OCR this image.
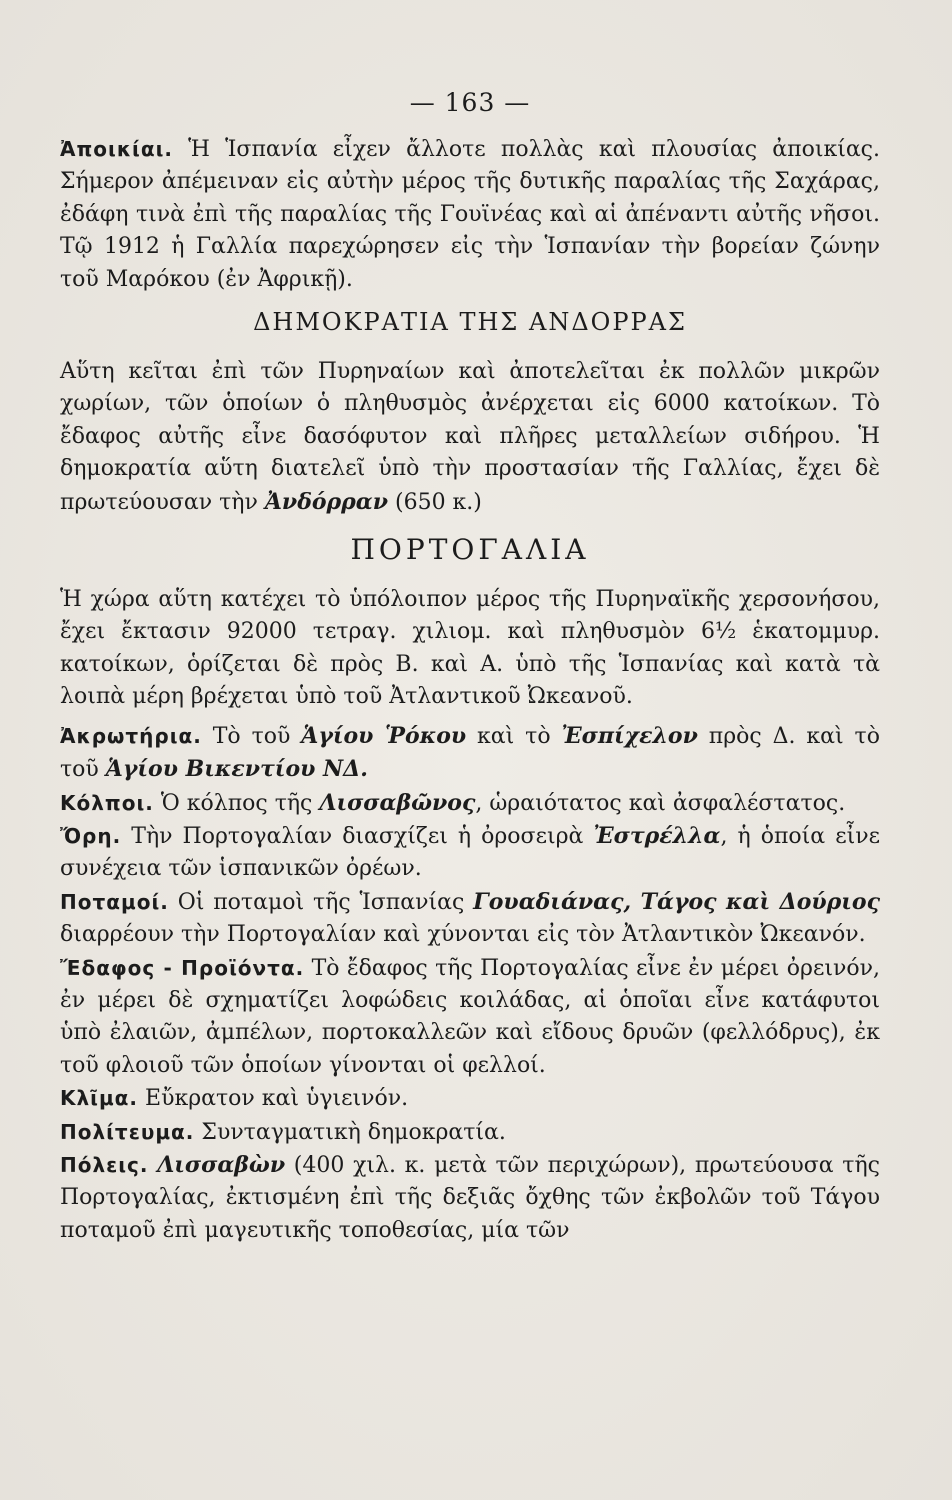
— 163 —

Ἀποικίαι. Ἡ Ἱσπανία εἶχεν ἄλλοτε πολλὰς καὶ πλουσίας ἀποικίας. Σήμερον ἀπέμειναν εἰς αὐτὴν μέρος τῆς δυτικῆς παραλίας τῆς Σαχάρας, ἐδάφη τινὰ ἐπὶ τῆς παραλίας τῆς Γουϊνέας καὶ αἱ ἀπέναντι αὐτῆς νῆσοι. Τῷ 1912 ἡ Γαλλία παρεχώρησεν εἰς τὴν Ἱσπανίαν τὴν βορείαν ζώνην τοῦ Μαρόκου (ἐν Ἀφρικῇ).

ΔΗΜΟΚΡΑΤΙΑ ΤΗΣ ΑΝΔΟΡΡΑΣ

Αὕτη κεῖται ἐπὶ τῶν Πυρηναίων καὶ ἀποτελεῖται ἐκ πολλῶν μικρῶν χωρίων, τῶν ὁποίων ὁ πληθυσμὸς ἀνέρχεται εἰς 6000 κατοίκων. Τὸ ἔδαφος αὐτῆς εἶνε δασόφυτον καὶ πλῆρες μεταλλείων σιδήρου. Ἡ δημοκρατία αὕτη διατελεῖ ὑπὸ τὴν προστασίαν τῆς Γαλλίας, ἔχει δὲ πρωτεύουσαν τὴν Ἀνδόρραν (650 κ.)

ΠΟΡΤΟΓΑΛΙΑ

Ἡ χώρα αὕτη κατέχει τὸ ὑπόλοιπον μέρος τῆς Πυρηναϊκῆς χερσονήσου, ἔχει ἔκτασιν 92000 τετραγ. χιλιομ. καὶ πληθυσμὸν 6½ ἑκατομμυρ. κατοίκων, ὁρίζεται δὲ πρὸς Β. καὶ Α. ὑπὸ τῆς Ἱσπανίας καὶ κατὰ τὰ λοιπὰ μέρη βρέχεται ὑπὸ τοῦ Ἀτλαντικοῦ Ὠκεανοῦ.

Ἀκρωτήρια. Τὸ τοῦ Ἁγίου Ῥόκου καὶ τὸ Ἐσπίχελον πρὸς Δ. καὶ τὸ τοῦ Ἁγίου Βικεντίου ΝΔ.

Κόλποι. Ὁ κόλπος τῆς Λισσαβῶνος, ὡραιότατος καὶ ἀσφαλέστατος.

Ὄρη. Τὴν Πορτογαλίαν διασχίζει ἡ ὀροσειρὰ Ἐστρέλλα, ἡ ὁποία εἶνε συνέχεια τῶν ἱσπανικῶν ὀρέων.

Ποταμοί. Οἱ ποταμοὶ τῆς Ἱσπανίας Γουαδιάνας, Τάγος καὶ Δούριος διαρρέουν τὴν Πορτογαλίαν καὶ χύνονται εἰς τὸν Ἀτλαντικὸν Ὠκεανόν.

Ἔδαφος - Προϊόντα. Τὸ ἔδαφος τῆς Πορτογαλίας εἶνε ἐν μέρει ὀρεινόν, ἐν μέρει δὲ σχηματίζει λοφώδεις κοιλάδας, αἱ ὁποῖαι εἶνε κατάφυτοι ὑπὸ ἐλαιῶν, ἀμπέλων, πορτοκαλλεῶν καὶ εἴδους δρυῶν (φελλόδρυς), ἐκ τοῦ φλοιοῦ τῶν ὁποίων γίνονται οἱ φελλοί.

Κλῖμα. Εὔκρατον καὶ ὑγιεινόν.

Πολίτευμα. Συνταγματικὴ δημοκρατία.

Πόλεις. Λισσαβὼν (400 χιλ. κ. μετὰ τῶν περιχώρων), πρωτεύουσα τῆς Πορτογαλίας, ἐκτισμένη ἐπὶ τῆς δεξιᾶς ὄχθης τῶν ἐκβολῶν τοῦ Τάγου ποταμοῦ ἐπὶ μαγευτικῆς τοποθεσίας, μία τῶν
